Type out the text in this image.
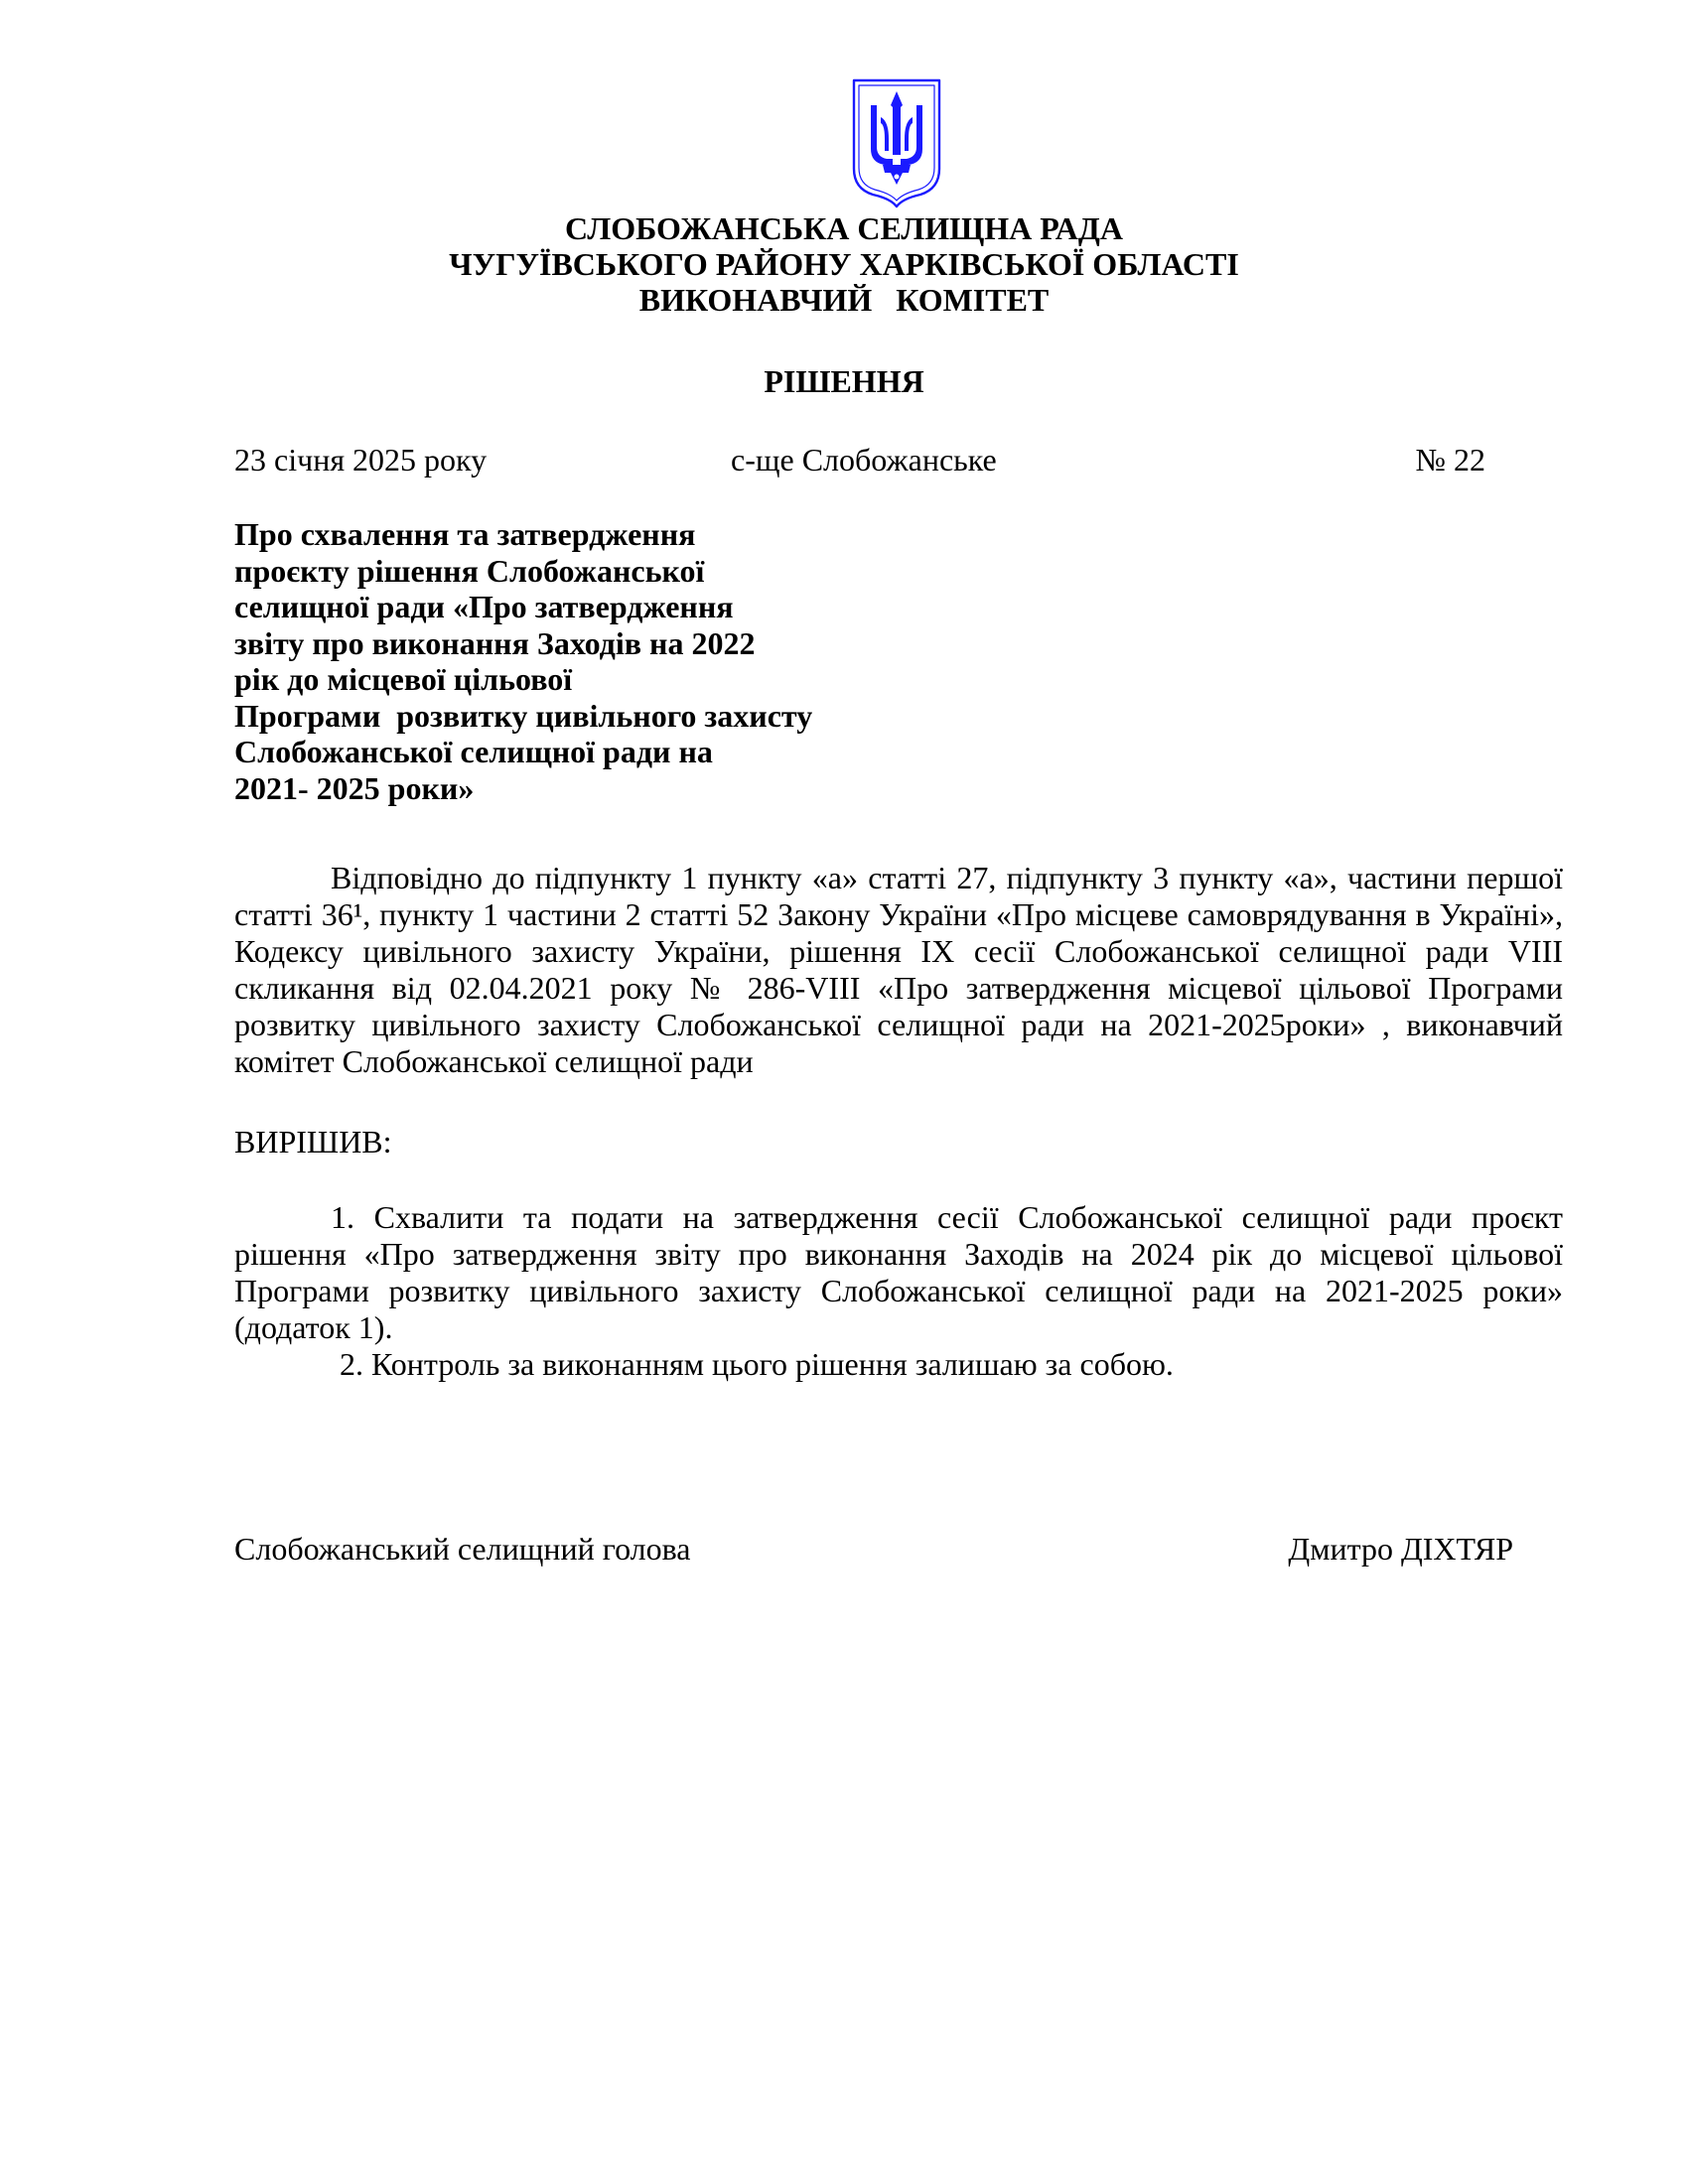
СЛОБОЖАНСЬКА СЕЛИЩНА РАДА
ЧУГУЇВСЬКОГО РАЙОНУ ХАРКІВСЬКОЇ ОБЛАСТІ
ВИКОНАВЧИЙ   КОМІТЕТ
РІШЕННЯ
23 січня 2025 року	с-ще Слобожанське	№ 22
Про схвалення та затвердження
проєкту рішення Слобожанської
селищної ради «Про затвердження
звіту про виконання Заходів на 2022
рік до місцевої цільової
Програми  розвитку цивільного захисту
Слобожанської селищної ради на
2021- 2025 роки»
Відповідно до підпункту 1 пункту «а» статті 27, підпункту 3 пункту «а», частини першої статті 36¹, пункту 1 частини 2 статті 52 Закону України «Про місцеве самоврядування в Україні», Кодексу цивільного захисту України, рішення IX сесії Слобожанської селищної ради VIII скликання від 02.04.2021 року № 286-VIII «Про затвердження місцевої цільової Програми розвитку цивільного захисту Слобожанської селищної ради на 2021-2025роки» , виконавчий комітет Слобожанської селищної ради
ВИРІШИВ:
1. Схвалити та подати на затвердження сесії Слобожанської селищної ради проєкт рішення «Про затвердження звіту про виконання Заходів на 2024 рік до місцевої цільової Програми розвитку цивільного захисту Слобожанської селищної ради на 2021-2025 роки» (додаток 1).
2. Контроль за виконанням цього рішення залишаю за собою.
Слобожанський селищний голова	Дмитро ДІХТЯР
